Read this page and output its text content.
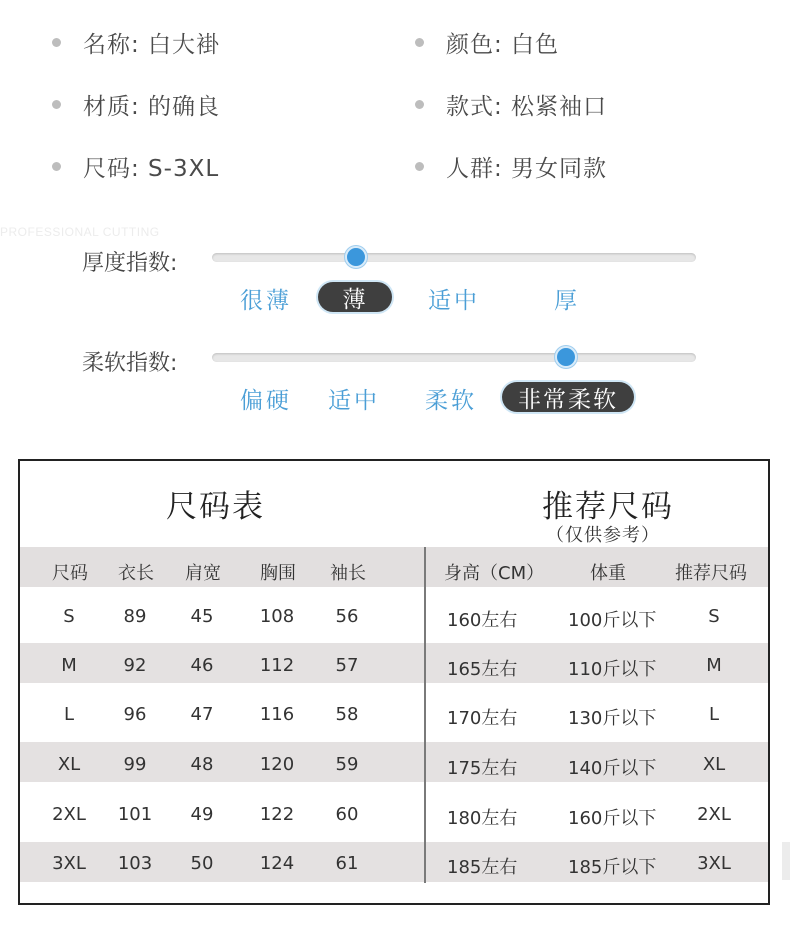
名称: 白大褂	颜色: 白色
材质: 的确良	款式: 松紧袖口
尺码: S-3XL	人群: 男女同款
PROFESSIONAL CUTTING
厚度指数:
很薄	薄	适中	厚
柔软指数:
偏硬 适中 柔软	非常柔软
尺码表	推荐尺码
（仅供参考）
尺码 衣长 肩宽 胸围 袖长
S	89	45	108	56
M	92	46	112	57
L	96	47	116	58
XL	99	48	120	59
2XL	101	49	122	60
3XL	103	50	124	61
身高（CM）	体重	推荐尺码
160左右	100斤以下	S
165左右	110斤以下	M
170左右	130斤以下	L
175左右	140斤以下	XL
180左右	160斤以下	2XL
185左右	185斤以下	3XL
